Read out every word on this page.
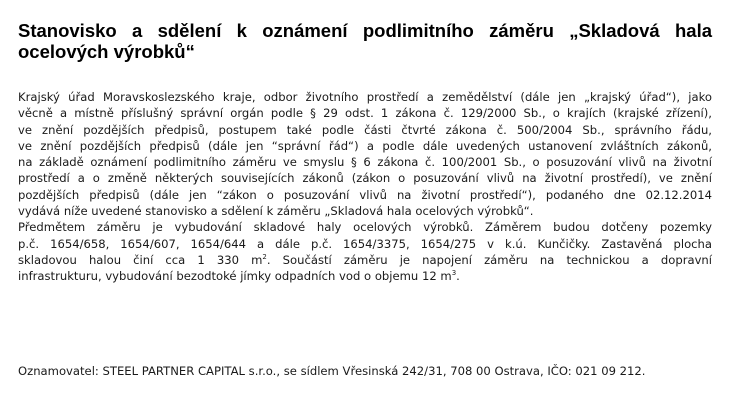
Stanovisko a sdělení k oznámení podlimitního záměru „Skladová hala
ocelových výrobků“
Krajský úřad Moravskoslezského kraje, odbor životního prostředí a zemědělství (dále jen „krajský úřad“), jako
věcně a místně příslušný správní orgán podle § 29 odst. 1 zákona č. 129/2000 Sb., o krajích (krajské zřízení),
ve znění pozdějších předpisů, postupem také podle části čtvrté zákona č. 500/2004 Sb., správního řádu,
ve znění pozdějších předpisů (dále jen “správní řád“) a podle dále uvedených ustanovení zvláštních zákonů,
na základě oznámení podlimitního záměru ve smyslu § 6 zákona č. 100/2001 Sb., o posuzování vlivů na životní
prostředí a o změně některých souvisejících zákonů (zákon o posuzování vlivů na životní prostředí), ve znění
pozdějších předpisů (dále jen “zákon o posuzování vlivů na životní prostředí“), podaného dne 02.12.2014
vydává níže uvedené stanovisko a sdělení k záměru „Skladová hala ocelových výrobků“.
Předmětem záměru je vybudování skladové haly ocelových výrobků. Záměrem budou dotčeny pozemky
p.č. 1654/658, 1654/607, 1654/644 a dále p.č. 1654/3375, 1654/275 v k.ú. Kunčičky. Zastavěná plocha
skladovou halou činí cca 1 330 $m^2$. Součástí záměru je napojení záměru na technickou a dopravní
infrastrukturu, vybudování bezodtoké jímky odpadních vod o objemu 12 $m^3$.
Oznamovatel: STEEL PARTNER CAPITAL s.r.o., se sídlem Vřesinská 242/31, 708 00 Ostrava, IČO: 021 09 212.
